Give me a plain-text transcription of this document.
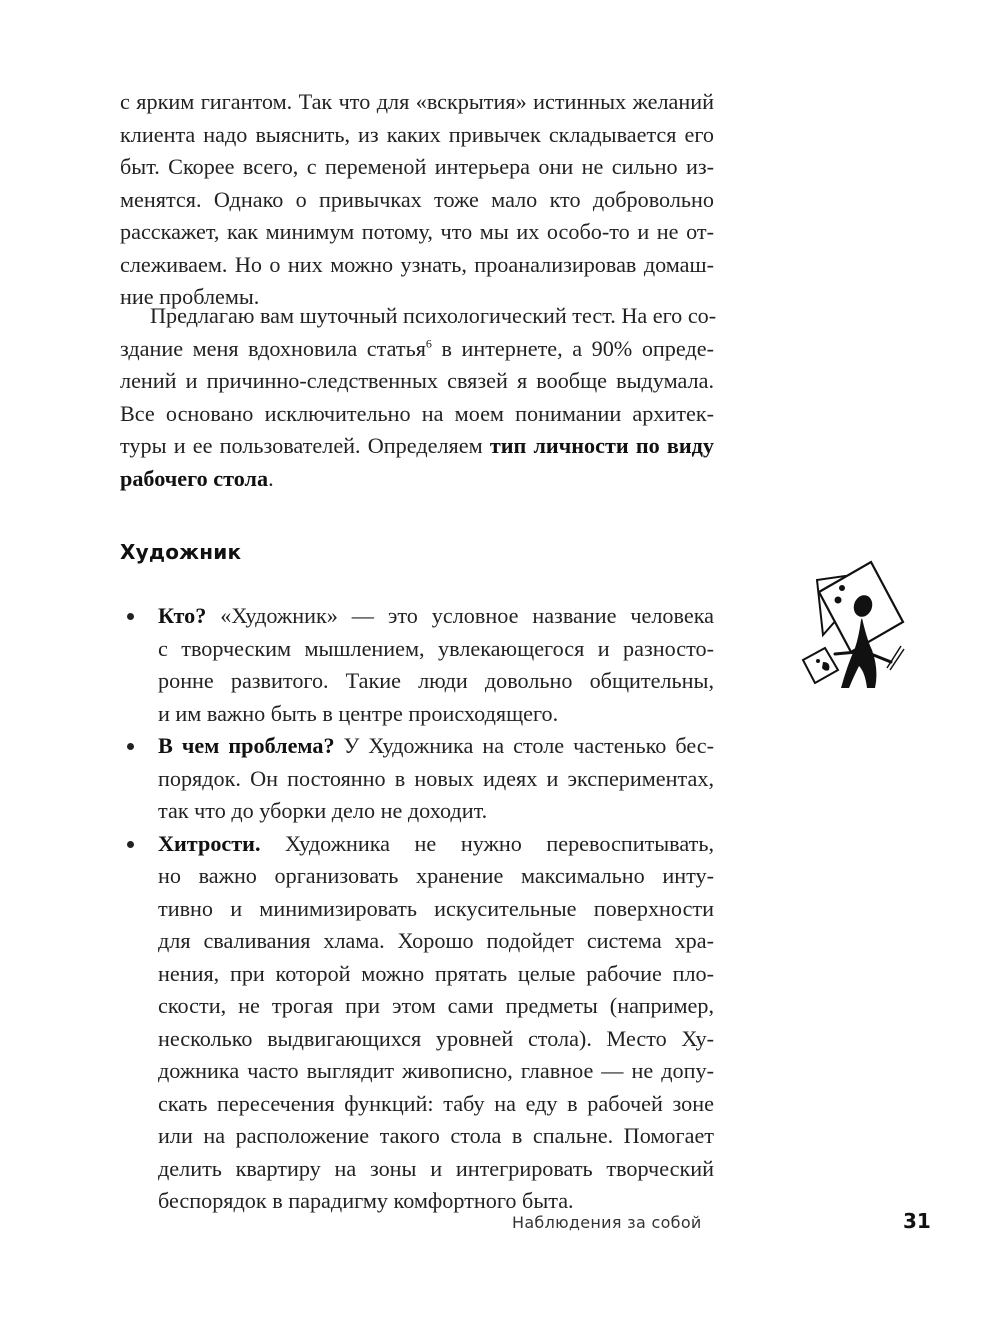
с ярким гигантом. Так что для «вскрытия» истинных желаний
клиента надо выяснить, из каких привычек складывается его
быт. Скорее всего, с переменой интерьера они не сильно из-
менятся. Однако о привычках тоже мало кто добровольно
расскажет, как минимум потому, что мы их особо-то и не от-
слеживаем. Но о них можно узнать, проанализировав домаш-
ние проблемы.
Предлагаю вам шуточный психологический тест. На его со-
здание меня вдохновила статья$^6$ в интернете, а 90% опреде-
лений и причинно-следственных связей я вообще выдумала.
Все основано исключительно на моем понимании архитек-
туры и ее пользователей. Определяем тип личности по виду
рабочего стола.
Художник
Кто? «Художник» — это условное название человека
с творческим мышлением, увлекающегося и разносто-
ронне развитого. Такие люди довольно общительны,
и им важно быть в центре происходящего.
В чем проблема? У Художника на столе частенько бес-
порядок. Он постоянно в новых идеях и экспериментах,
так что до уборки дело не доходит.
Хитрости. Художника не нужно перевоспитывать,
но важно организовать хранение максимально инту-
тивно и минимизировать искусительные поверхности
для сваливания хлама. Хорошо подойдет система хра-
нения, при которой можно прятать целые рабочие пло-
скости, не трогая при этом сами предметы (например,
несколько выдвигающихся уровней стола). Место Ху-
дожника часто выглядит живописно, главное — не допу-
скать пересечения функций: табу на еду в рабочей зоне
или на расположение такого стола в спальне. Помогает
делить квартиру на зоны и интегрировать творческий
беспорядок в парадигму комфортного быта.
Наблюдения за собой	31
